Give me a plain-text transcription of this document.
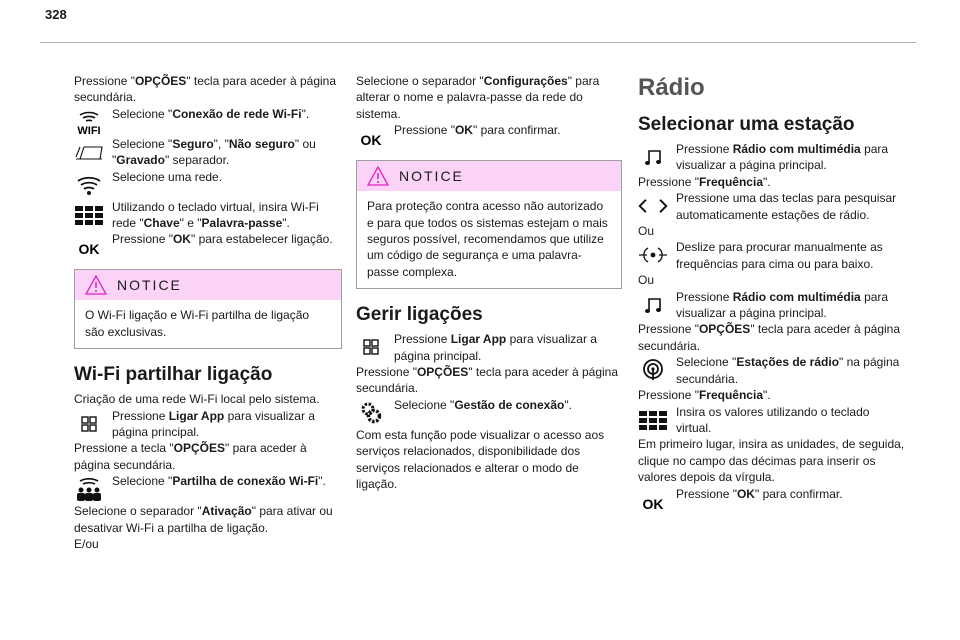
328

Pressione "OPÇÕES" tecla para aceder à página secundária.

WIFI
Selecione "Conexão de rede Wi-Fi".
Selecione "Seguro", "Não seguro" ou "Gravado" separador.
Selecione uma rede.
Utilizando o teclado virtual, insira Wi-Fi rede "Chave" e "Palavra-passe".
OK
Pressione "OK" para estabelecer ligação.
NOTICE
O Wi-Fi ligação e Wi-Fi partilha de ligação são exclusivas.
Wi-Fi partilhar ligação

Criação de uma rede Wi-Fi local pelo sistema.

Pressione Ligar App para visualizar a página principal.

Pressione a tecla "OPÇÕES" para aceder à página secundária.

Selecione "Partilha de conexão Wi-Fi".

Selecione o separador "Ativação" para ativar ou desativar Wi-Fi a partilha de ligação.

E/ou

Selecione o separador "Configurações" para alterar o nome e palavra-passe da rede do sistema.

OK
Pressione "OK" para confirmar.
NOTICE
Para proteção contra acesso não autorizado e para que todos os sistemas estejam o mais seguros possível, recomendamos que utilize um código de segurança e uma palavra-passe complexa.
Gerir ligações
Pressione Ligar App para visualizar a página principal.

Pressione "OPÇÕES" tecla para aceder à página secundária.

Selecione "Gestão de conexão".

Com esta função pode visualizar o acesso aos serviços relacionados, disponibilidade dos serviços relacionados e alterar o modo de ligação.

Rádio
Selecionar uma estação
Pressione Rádio com multimédia para visualizar a página principal.

Pressione "Frequência".

Pressione uma das teclas para pesquisar automaticamente estações de rádio.

Ou

Deslize para procurar manualmente as frequências para cima ou para baixo.

Ou

Pressione Rádio com multimédia para visualizar a página principal.

Pressione "OPÇÕES" tecla para aceder à página secundária.

Selecione "Estações de rádio" na página secundária.

Pressione "Frequência".

Insira os valores utilizando o teclado virtual.

Em primeiro lugar, insira as unidades, de seguida, clique no campo das décimas para inserir os valores depois da vírgula.

OK
Pressione "OK" para confirmar.
